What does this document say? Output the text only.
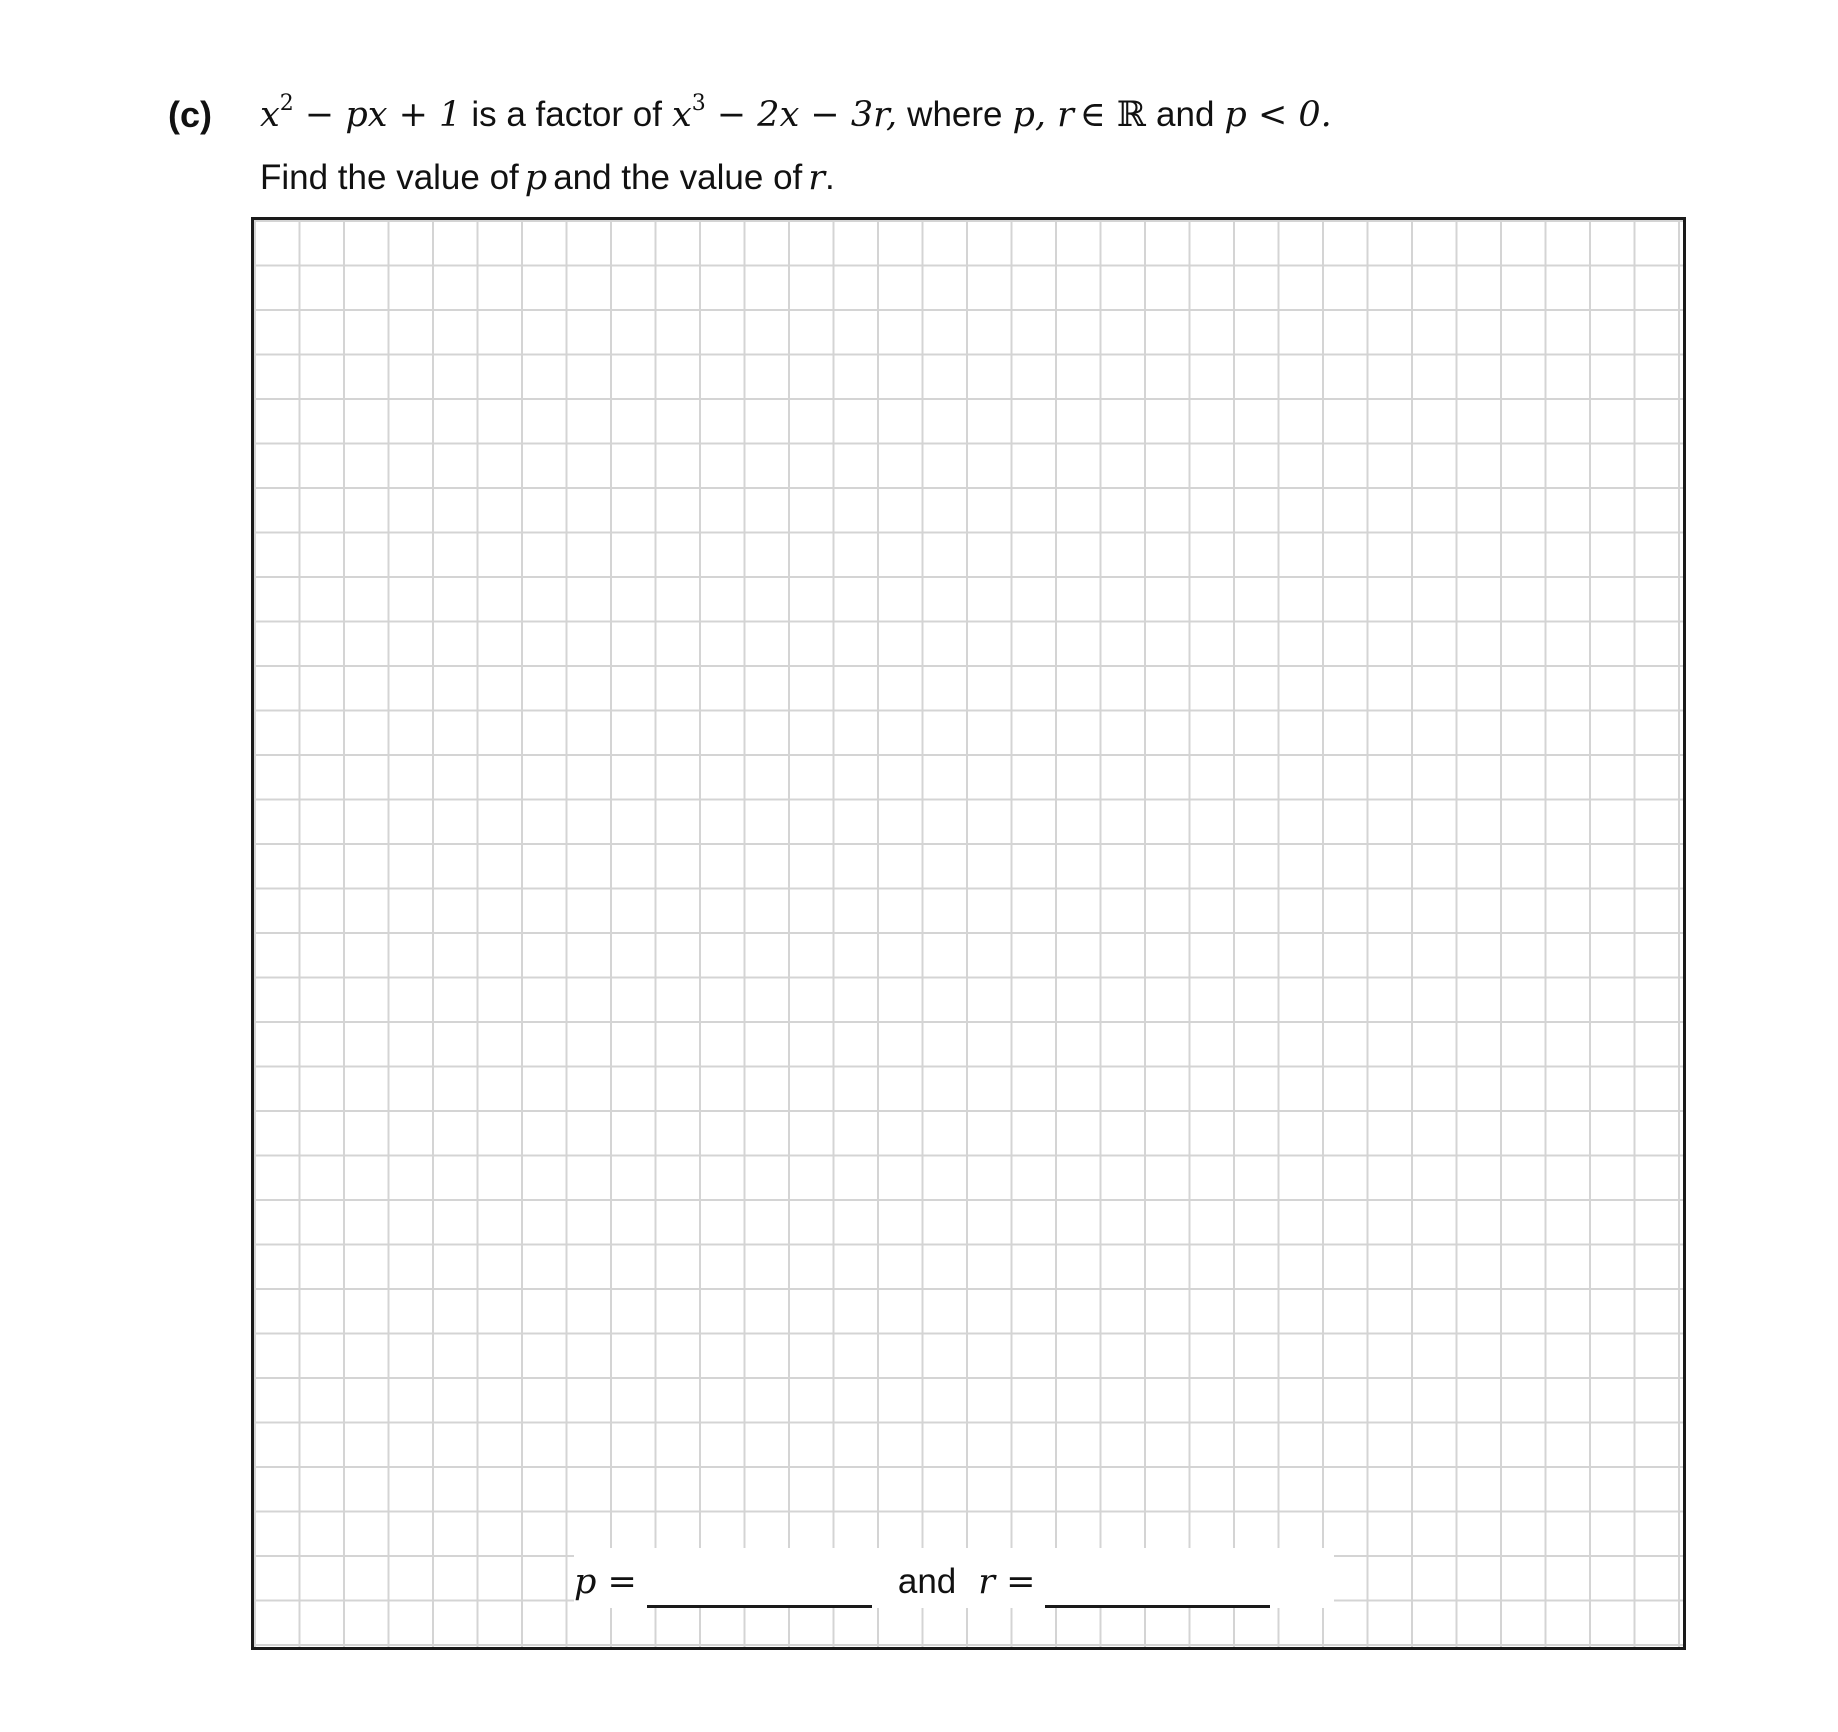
(c) $x^2$ − px + 1 is a factor of $x^3 - 2x - 3r$, where p, r ∈ ℝ and p < 0.
Find the value of p and the value of r.
p =	and r =
